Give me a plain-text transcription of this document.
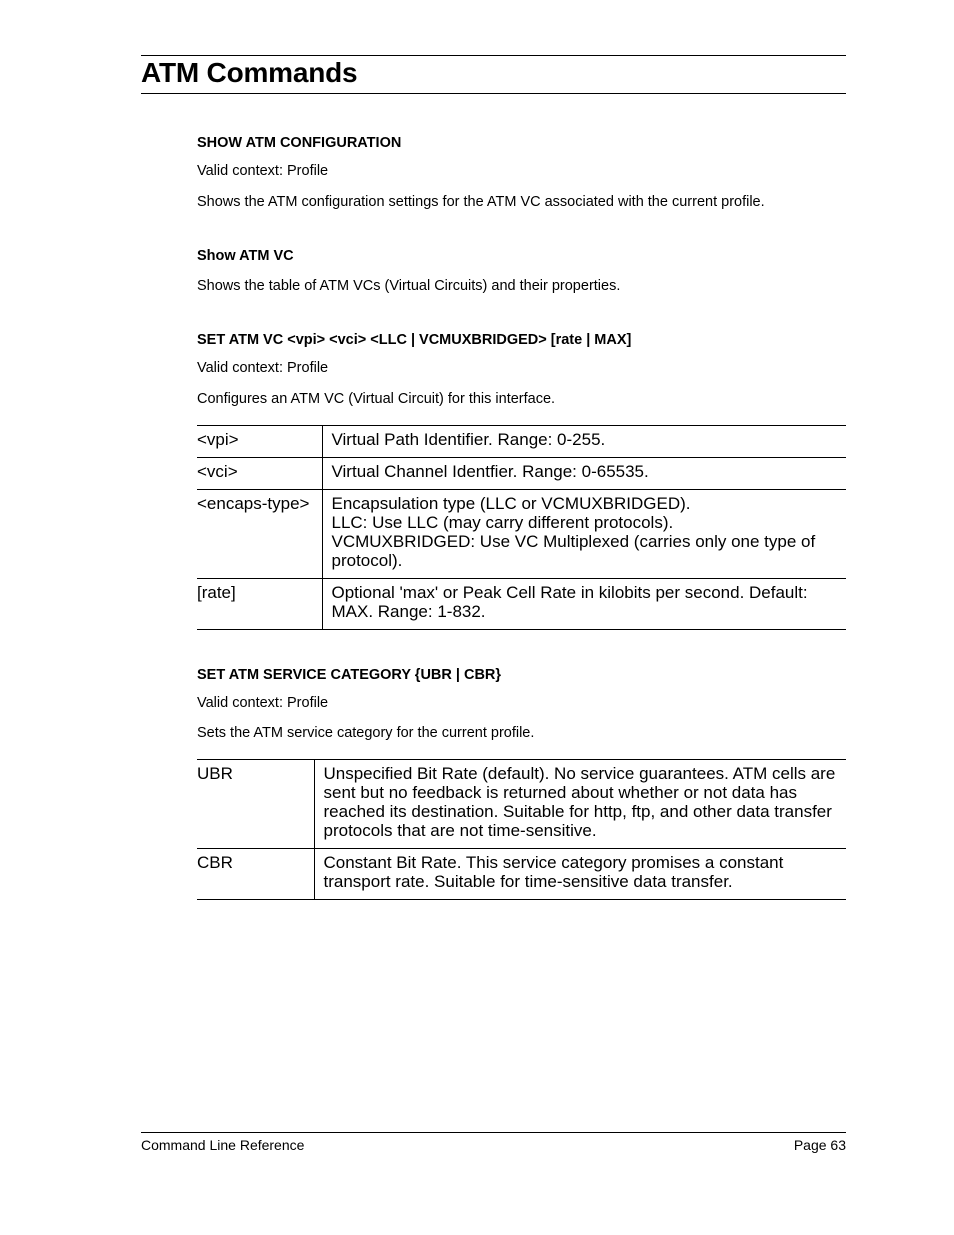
ATM Commands

SHOW ATM CONFIGURATION

Valid context: Profile

Shows the ATM configuration settings for the ATM VC associated with the current profile.

Show ATM VC

Shows the table of ATM VCs (Virtual Circuits) and their properties.

SET ATM VC <vpi> <vci> <LLC | VCMUXBRIDGED> [rate | MAX]

Valid context: Profile

Configures an ATM VC (Virtual Circuit) for this interface.

<vpi>	Virtual Path Identifier. Range: 0-255.

<vci>	Virtual Channel Identfier. Range: 0-65535.

<encaps-type>	Encapsulation type (LLC or VCMUXBRIDGED).
LLC: Use LLC (may carry different protocols).
VCMUXBRIDGED: Use VC Multiplexed (carries only one type of protocol).

[rate]	Optional 'max' or Peak Cell Rate in kilobits per second. Default: MAX. Range: 1-832.

SET ATM SERVICE CATEGORY {UBR | CBR}

Valid context: Profile

Sets the ATM service category for the current profile.

UBR	Unspecified Bit Rate (default). No service guarantees. ATM cells are sent but no feedback is returned about whether or not data has reached its destination. Suitable for http, ftp, and other data transfer protocols that are not time-sensitive.

CBR	Constant Bit Rate. This service category promises a constant transport rate. Suitable for time-sensitive data transfer.

Command Line Reference	Page 63
